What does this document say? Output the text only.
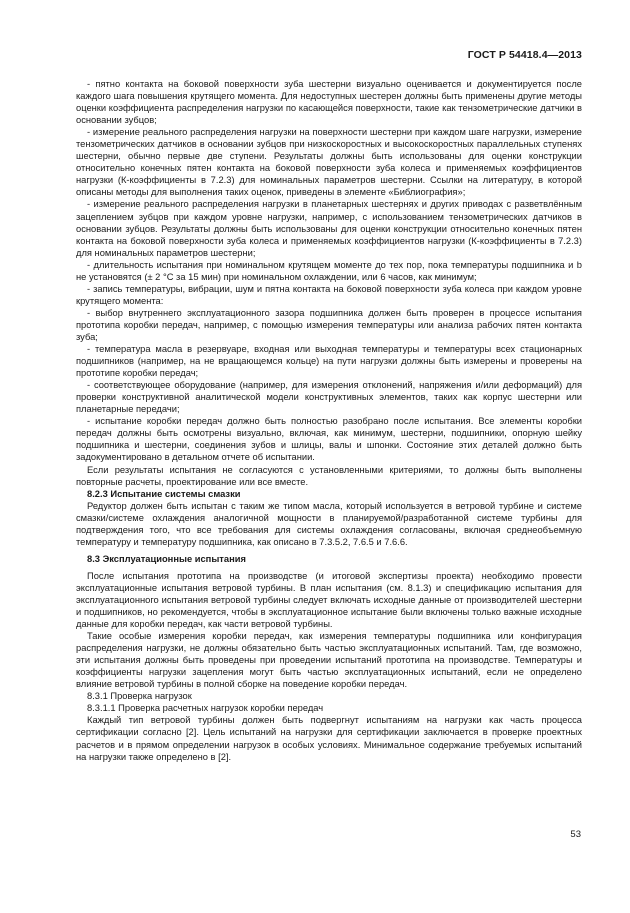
ГОСТ Р 54418.4—2013

- пятно контакта на боковой поверхности зуба шестерни визуально оценивается и документируется после каждого шага повышения крутящего момента. Для недоступных шестерен должны быть применены другие методы оценки коэффициента распределения нагрузки по касающейся поверхности, такие как тензометрические датчики в основании зубцов;

- измерение реального распределения нагрузки на поверхности шестерни при каждом шаге нагрузки, измерение тензометрических датчиков в основании зубцов при низкоскоростных и высокоскоростных параллельных ступенях шестерни, обычно первые две ступени. Результаты должны быть использованы для оценки конструкции относительно конечных пятен контакта на боковой поверхности зуба колеса и применяемых коэффициентов нагрузки (К-коэффициенты в 7.2.3) для номинальных параметров шестерни. Ссылки на литературу, в которой описаны методы для выполнения таких оценок, приведены в элементе «Библиография»;

- измерение реального распределения нагрузки в планетарных шестернях и других приводах с разветвлённым зацеплением зубцов при каждом уровне нагрузки, например, с использованием тензометрических датчиков в основании зубцов. Результаты должны быть использованы для оценки конструкции относительно конечных пятен контакта на боковой поверхности зуба колеса и применяемых коэффициентов нагрузки (К-коэффициенты в 7.2.3) для номинальных параметров шестерни;

- длительность испытания при номинальном крутящем моменте до тех пор, пока температуры подшипника и b не установятся (± 2 °С за 15 мин) при номинальном охлаждении, или 6 часов, как минимум;

- запись температуры, вибрации, шум и пятна контакта на боковой поверхности зуба колеса при каждом уровне крутящего момента:

- выбор внутреннего эксплуатационного зазора подшипника должен быть проверен в процессе испытания прототипа коробки передач, например, с помощью измерения температуры или анализа рабочих пятен контакта зуба;

- температура масла в резервуаре, входная или выходная температуры и температуры всех стационарных подшипников (например, на не вращающемся кольце) на пути нагрузки должны быть измерены и проверены на прототипе коробки передач;

- соответствующее оборудование (например, для измерения отклонений, напряжения и/или деформаций) для проверки конструктивной аналитической модели конструктивных элементов, таких как корпус шестерни или планетарные передачи;

- испытание коробки передач должно быть полностью разобрано после испытания. Все элементы коробки передач должны быть осмотрены визуально, включая, как минимум, шестерни, подшипники, опорную шейку подшипника и шестерни, соединения зубов и шлицы, валы и шпонки. Состояние этих деталей должно быть задокументировано в детальном отчете об испытании.

Если результаты испытания не согласуются с установленными критериями, то должны быть выполнены повторные расчеты, проектирование или все вместе.

8.2.3 Испытание системы смазки

Редуктор должен быть испытан с таким же типом масла, который используется в ветровой турбине и системе смазки/системе охлаждения аналогичной мощности в планируемой/разработанной системе турбины для подтверждения того, что все требования для системы охлаждения согласованы, включая среднеобъемную температуру и температуру подшипника, как описано в 7.3.5.2, 7.6.5 и 7.6.6.

8.3 Эксплуатационные испытания

После испытания прототипа на производстве (и итоговой экспертизы проекта) необходимо провести эксплуатационные испытания ветровой турбины. В план испытания (см. 8.1.3) и спецификацию испытания для эксплуатационного испытания ветровой турбины следует включать исходные данные от производителей шестерни и подшипников, но рекомендуется, чтобы в эксплуатационное испытание были включены только важные исходные данные для коробки передач, как части ветровой турбины.

Такие особые измерения коробки передач, как измерения температуры подшипника или конфигурация распределения нагрузки, не должны обязательно быть частью эксплуатационных испытаний. Там, где возможно, эти испытания должны быть проведены при проведении испытаний прототипа на производстве. Температуры и коэффициенты нагрузки зацепления могут быть частью эксплуатационных испытаний, если не определено влияние ветровой турбины в полной сборке на поведение коробки передач.

8.3.1 Проверка нагрузок

8.3.1.1 Проверка расчетных нагрузок коробки передач

Каждый тип ветровой турбины должен быть подвергнут испытаниям на нагрузки как часть процесса сертификации согласно [2]. Цель испытаний на нагрузки для сертификации заключается в проверке проектных расчетов и в прямом определении нагрузок в особых условиях. Минимальное содержание требуемых испытаний на нагрузки также определено в [2].

53
